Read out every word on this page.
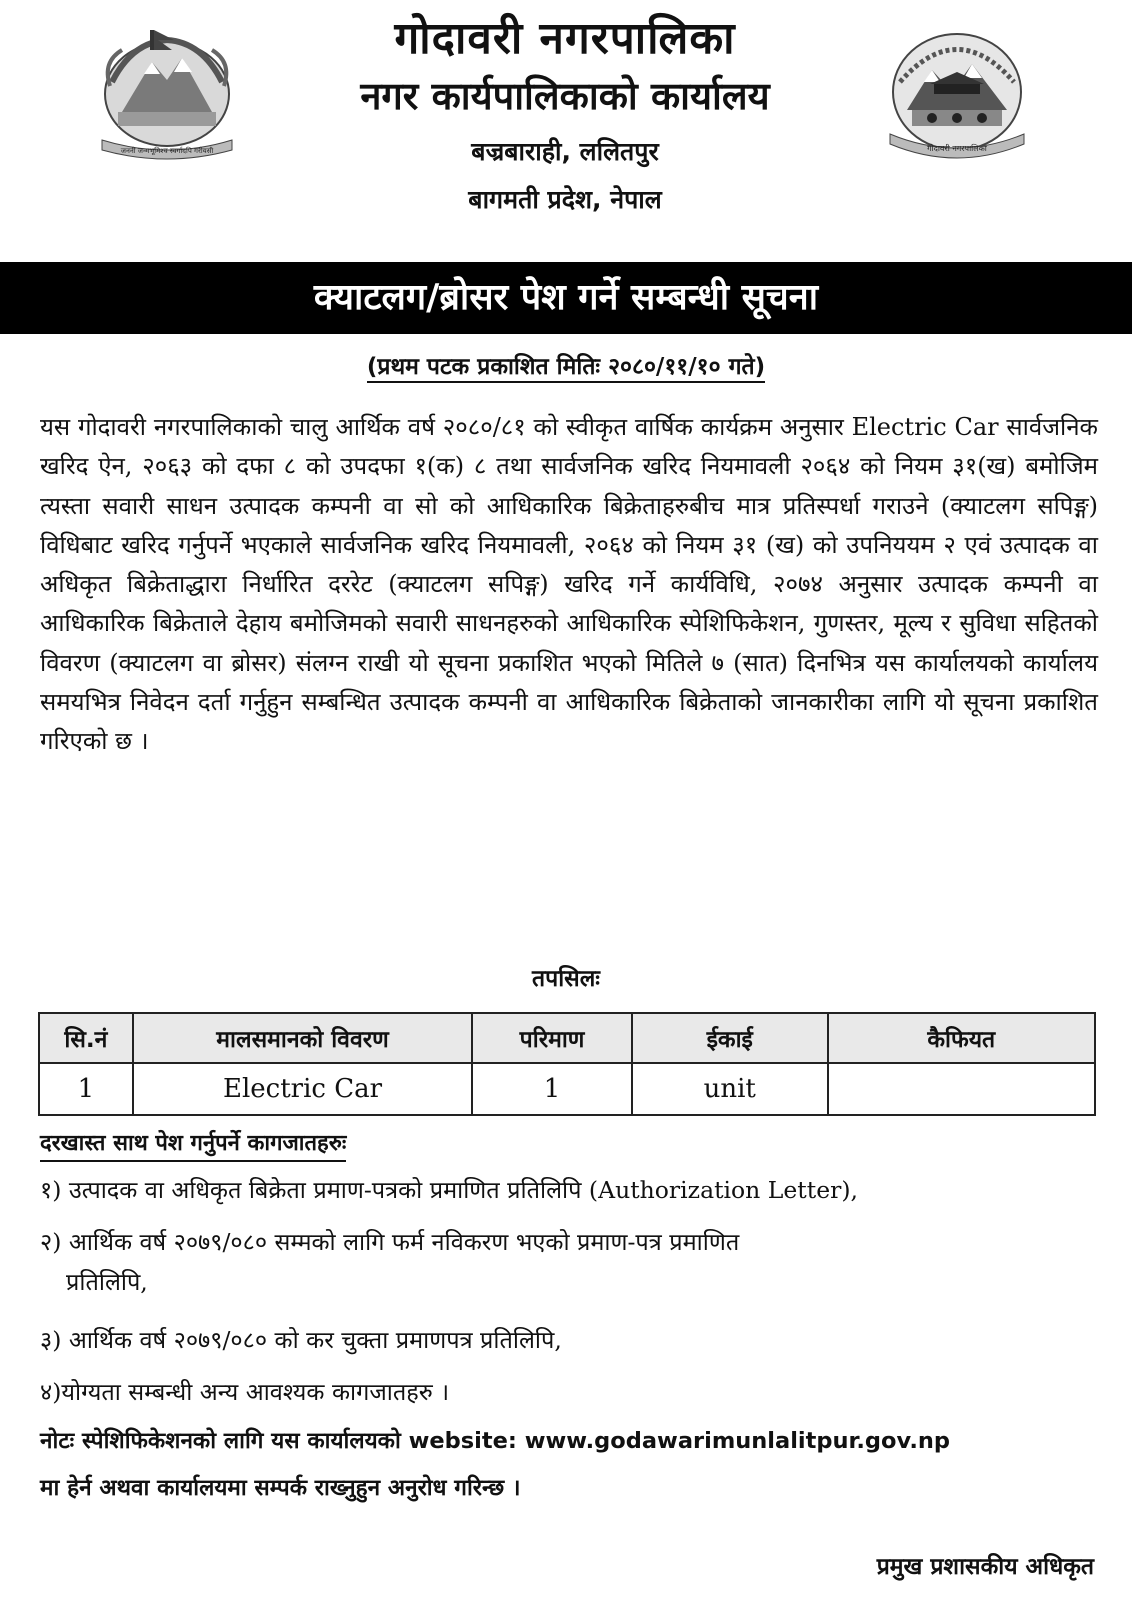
जननी जन्मभूमिश्च स्वर्गादपि गरीयसी
गोदावरी नगरपालिका
नगर कार्यपालिकाको कार्यालय
बज्रबाराही, ललितपुर
बागमती प्रदेश, नेपाल
गोदावरी नगरपालिका
क्याटलग/ब्रोसर पेश गर्ने सम्बन्धी सूचना
(प्रथम पटक प्रकाशित मितिः २०८०/११/१० गते)
यस गोदावरी नगरपालिकाको चालु आर्थिक वर्ष २०८०/८१ को स्वीकृत वार्षिक कार्यक्रम अनुसार Electric Car सार्वजनिक खरिद ऐन, २०६३ को दफा ८ को उपदफा १(क) ८ तथा सार्वजनिक खरिद नियमावली २०६४ को नियम ३१(ख) बमोजिम त्यस्ता सवारी साधन उत्पादक कम्पनी वा सो को आधिकारिक बिक्रेताहरुबीच मात्र प्रतिस्पर्धा गराउने (क्याटलग सपिङ्ग) विधिबाट खरिद गर्नुपर्ने भएकाले सार्वजनिक खरिद नियमावली, २०६४ को नियम ३१ (ख) को उपनिययम २ एवं उत्पादक वा अधिकृत बिक्रेताद्धारा निर्धारित दररेट (क्याटलग सपिङ्ग) खरिद गर्ने कार्यविधि, २०७४ अनुसार उत्पादक कम्पनी वा आधिकारिक बिक्रेताले देहाय बमोजिमको सवारी साधनहरुको आधिकारिक स्पेशिफिकेशन, गुणस्तर, मूल्य र सुविधा सहितको विवरण (क्याटलग वा ब्रोसर) संलग्न राखी यो सूचना प्रकाशित भएको मितिले ७ (सात) दिनभित्र यस कार्यालयको कार्यालय समयभित्र निवेदन दर्ता गर्नुहुन सम्बन्धित उत्पादक कम्पनी वा आधिकारिक बिक्रेताको जानकारीका लागि यो सूचना प्रकाशित गरिएको छ ।
तपसिलः
सि.नं	मालसमानको विवरण	परिमाण	ईकाई	कैफियत
1	Electric Car	1	unit	
दरखास्त साथ पेश गर्नुपर्ने कागजातहरुः
१) उत्पादक वा अधिकृत बिक्रेता प्रमाण-पत्रको प्रमाणित प्रतिलिपि (Authorization Letter),
२) आर्थिक वर्ष २०७९/०८० सम्मको लागि फर्म नविकरण भएको प्रमाण-पत्र प्रमाणित
प्रतिलिपि,
३) आर्थिक वर्ष २०७९/०८० को कर चुक्ता प्रमाणपत्र प्रतिलिपि,
४)योग्यता सम्बन्धी अन्य आवश्यक कागजातहरु ।
नोटः स्पेशिफिकेशनको लागि यस कार्यालयको website: www.godawarimunlalitpur.gov.np
मा हेर्न अथवा कार्यालयमा सम्पर्क राख्नुहुन अनुरोध गरिन्छ ।
प्रमुख प्रशासकीय अधिकृत
